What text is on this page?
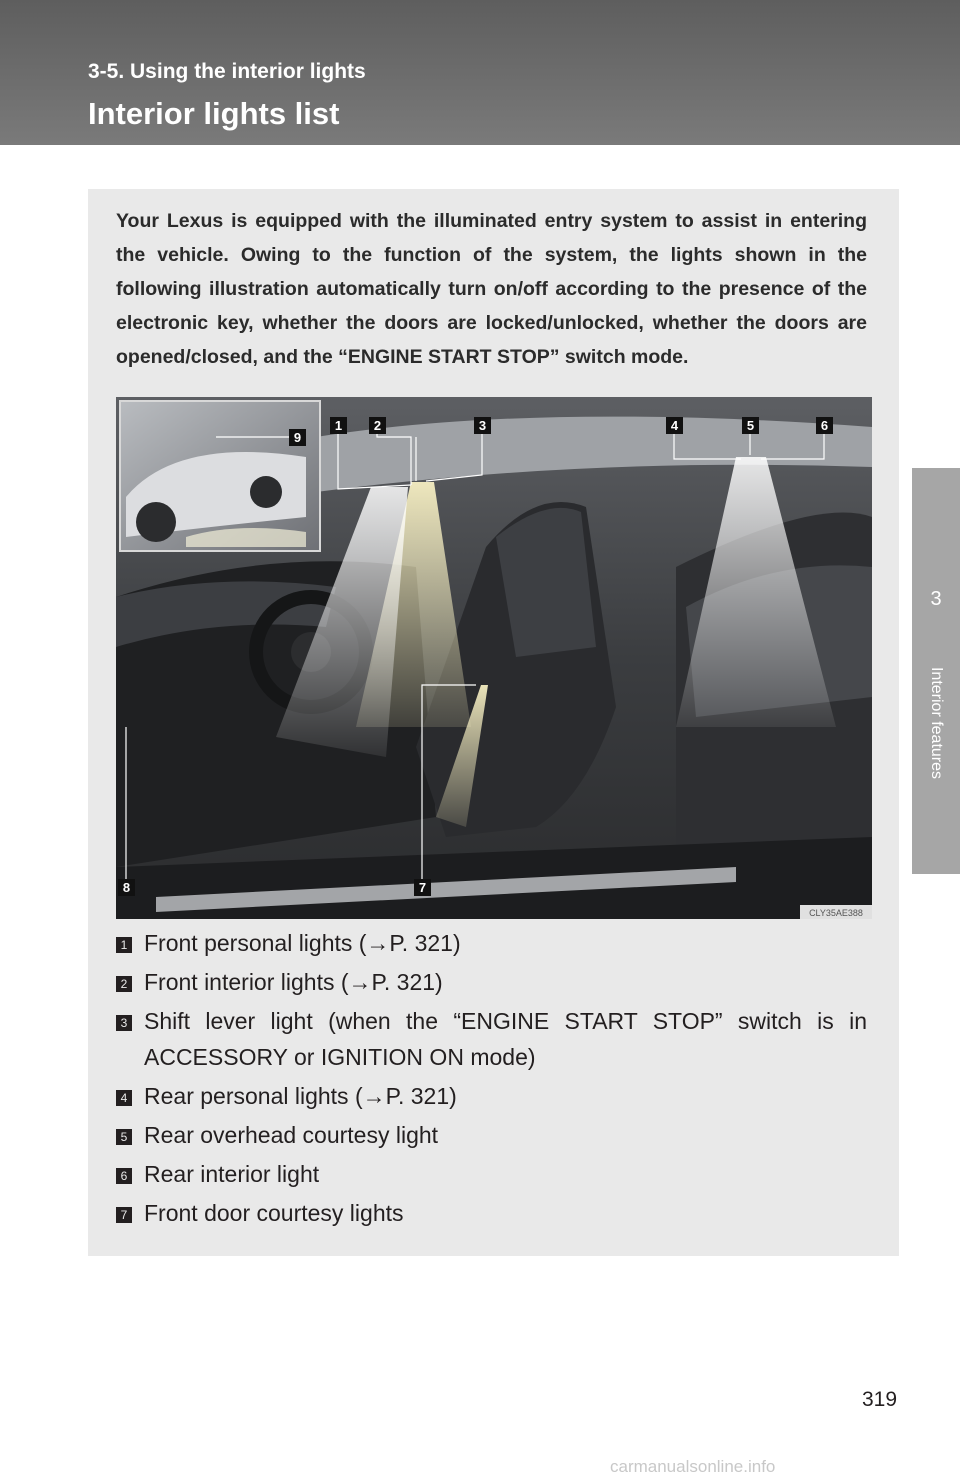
3-5. Using the interior lights
Interior lights list
3
Interior features
Your Lexus is equipped with the illuminated entry system to assist in entering the vehicle. Owing to the function of the system, the lights shown in the following illustration automatically turn on/off according to the presence of the electronic key, whether the doors are locked/unlocked, whether the doors are opened/closed, and the “ENGINE START STOP” switch mode.
1 2	3	4	5	6
7
8
9
CLY35AE388
1 Front personal lights (→P. 321)
2 Front interior lights (→P. 321)
3 Shift lever light (when the “ENGINE START STOP” switch is in ACCESSORY or IGNITION ON mode)
4 Rear personal lights (→P. 321)
5 Rear overhead courtesy light
6 Rear interior light
7 Front door courtesy lights
319
carmanualsonline.info
